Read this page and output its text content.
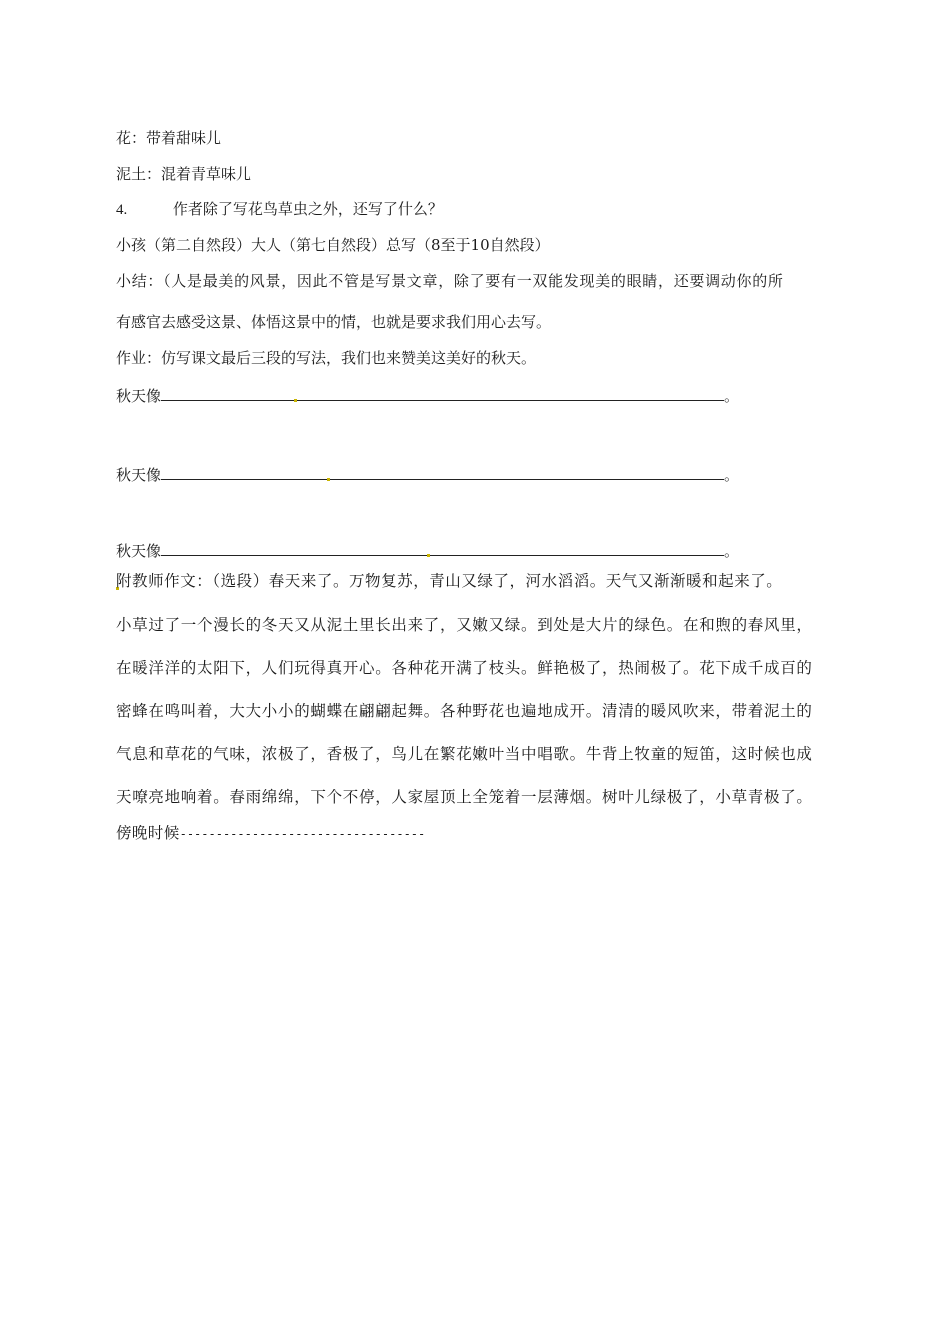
花：带着甜味儿
泥土：混着青草味儿
4.	作者除了写花鸟草虫之外，还写了什么？
小孩（第二自然段）大人（第七自然段）总写（8至于10自然段）
小结：（人是最美的风景，因此不管是写景文章，除了要有一双能发现美的眼睛，还要调动你的所
有感官去感受这景、体悟这景中的情，也就是要求我们用心去写。
作业：仿写课文最后三段的写法，我们也来赞美这美好的秋天。
秋天像	。
秋天像	。
秋天像	。
附教师作文：（选段）春天来了。万物复苏，青山又绿了，河水滔滔。天气又渐渐暖和起来了。
小草过了一个漫长的冬天又从泥土里长出来了，又嫩又绿。到处是大片的绿色。在和煦的春风里，
在暖洋洋的太阳下，人们玩得真开心。各种花开满了枝头。鲜艳极了，热闹极了。花下成千成百的
密蜂在鸣叫着，大大小小的蝴蝶在翩翩起舞。各种野花也遍地成开。清清的暖风吹来，带着泥土的
气息和草花的气味，浓极了，香极了，鸟儿在繁花嫩叶当中唱歌。牛背上牧童的短笛，这时候也成
天嘹亮地响着。春雨绵绵，下个不停，人家屋顶上全笼着一层薄烟。树叶儿绿极了，小草青极了。
傍晚时候----------------------------------
